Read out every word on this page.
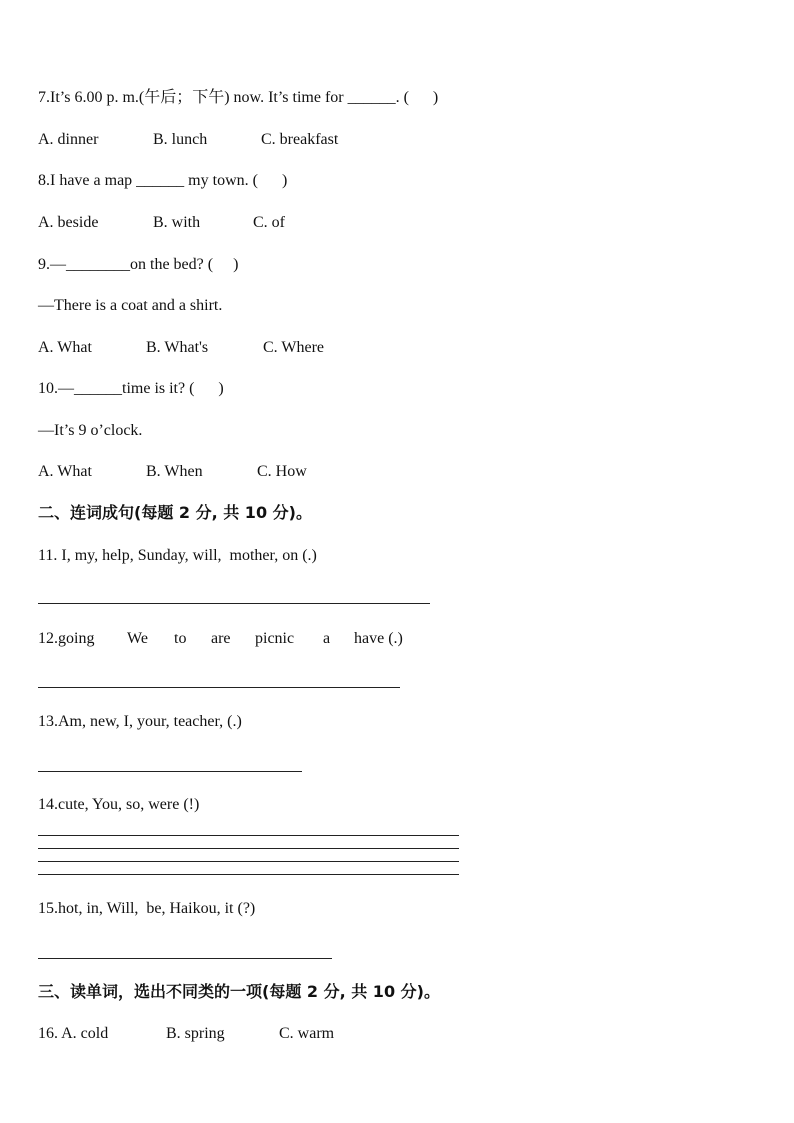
7.It’s 6.00 p. m.(午后；下午) now. It’s time for ______. (      )
A. dinner	B. lunch	C. breakfast
8.I have a map ______ my town. (      )
A. beside	B. with	C. of
9.—________on the bed? (     )
—There is a coat and a shirt.
A. What	B. What's	C. Where
10.—______time is it? (      )
—It’s 9 o’clock.
A. What	B. When	C. How
二、连词成句(每题 2 分, 共 10 分)。
11. I, my, help, Sunday, will,  mother, on (.)
12.going We to are picnic a have (.)
13.Am, new, I, your, teacher, (.)
14.cute, You, so, were (!)
15.hot, in, Will,  be, Haikou, it (?)
三、读单词，选出不同类的一项(每题 2 分, 共 10 分)。
16. A. cold	B. spring	C. warm
